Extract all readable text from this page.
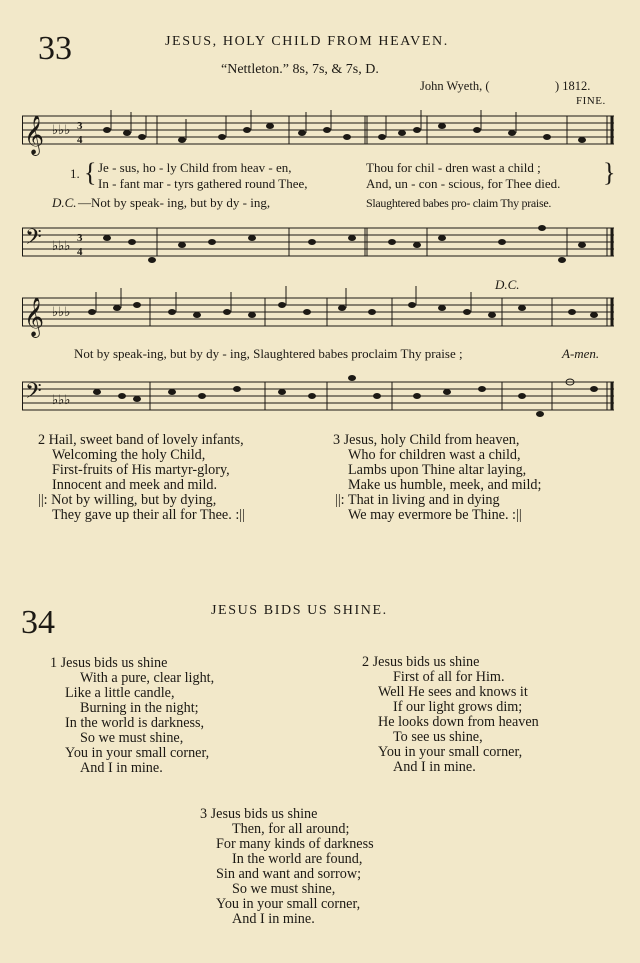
33	JESUS, HOLY CHILD FROM HEAVEN.
“Nettleton.” 8s, 7s, & 7s, D.
John Wyeth, (	) 1812.
FINE.
𝄞 ♭♭♭ 3
4
1. { Je - sus, ho - ly Child from heav - en,	Thou for chil - dren wast a child ;
In - fant mar - tyrs gathered round Thee,	And, un - con - scious, for Thee died. }
D.C. —Not by speak- ing, but by dy - ing,	Slaughtered babes pro- claim Thy praise.
𝄢 ♭♭♭ 3
4
𝄞 ♭♭♭
D.C.
Not by speak-ing, but by dy - ing, Slaughtered babes proclaim Thy praise ;	A-men.
𝄢 ♭♭♭
2 Hail, sweet band of lovely infants,
Welcoming the holy Child,
First-fruits of His martyr-glory,
Innocent and meek and mild.
||: Not by willing, but by dying,
They gave up their all for Thee. :||
3 Jesus, holy Child from heaven,
Who for children wast a child,
Lambs upon Thine altar laying,
Make us humble, meek, and mild;
||: That in living and in dying
We may evermore be Thine. :||
34	JESUS BIDS US SHINE.
1 Jesus bids us shine
With a pure, clear light,
Like a little candle,
Burning in the night;
In the world is darkness,
So we must shine,
You in your small corner,
And I in mine.
2 Jesus bids us shine
First of all for Him.
Well He sees and knows it
If our light grows dim;
He looks down from heaven
To see us shine,
You in your small corner,
And I in mine.
3 Jesus bids us shine
Then, for all around;
For many kinds of darkness
In the world are found,
Sin and want and sorrow;
So we must shine,
You in your small corner,
And I in mine.
